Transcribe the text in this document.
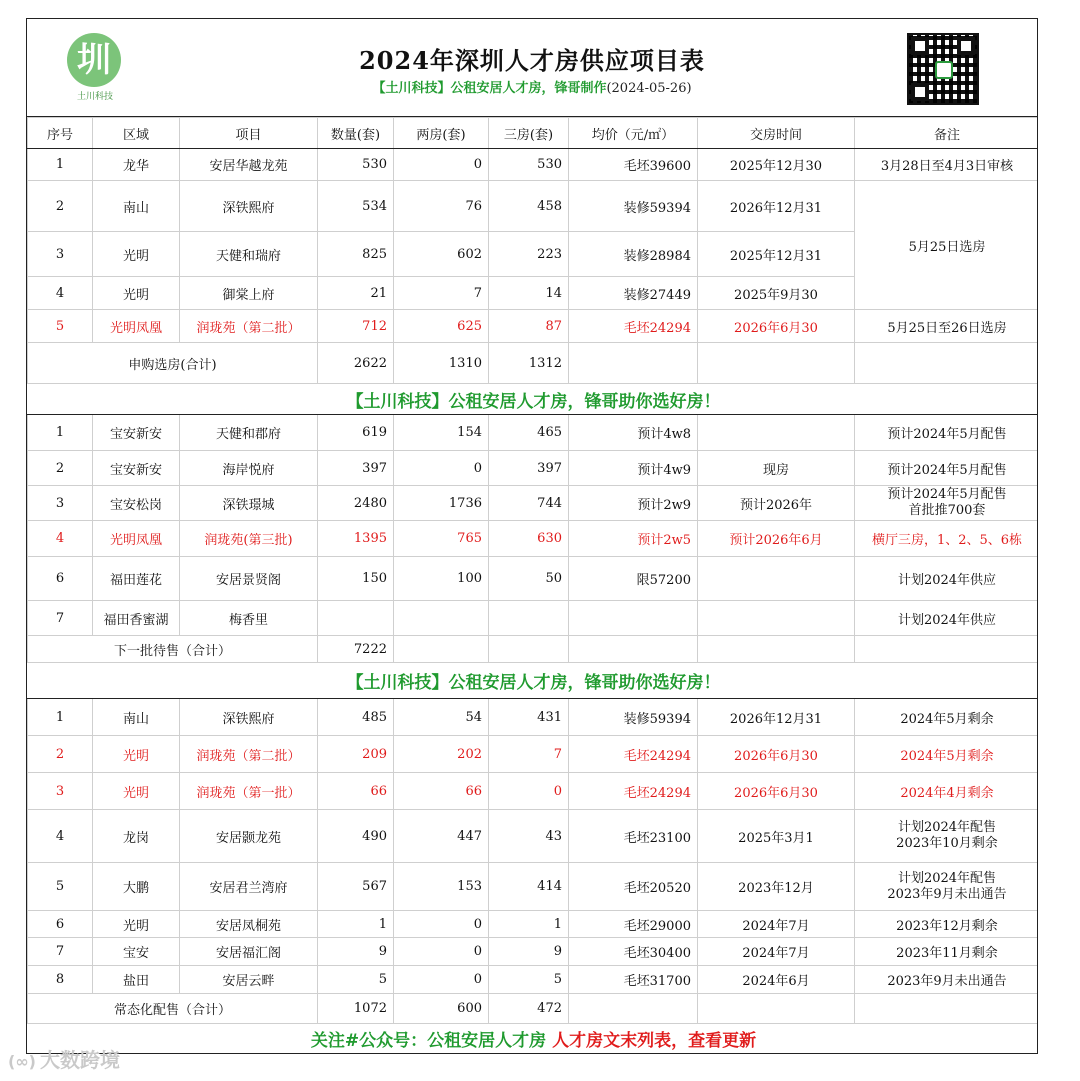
圳
土川科技
2024年深圳人才房供应项目表
【土川科技】公租安居人才房，锋哥制作(2024-05-26)
序号	区域	项目	数量(套)	两房(套)	三房(套)	均价（元/㎡）	交房时间	备注
1	龙华	安居华越龙苑	530	0	530	毛坯39600	2025年12月30	3月28日至4月3日审核
2	南山	深铁熙府	534	76	458	装修59394	2026年12月31	5月25日选房
3	光明	天健和瑞府	825	602	223	装修28984	2025年12月31	
4	光明	御棠上府	21	7	14	装修27449	2025年9月30	
5	光明凤凰	润珑苑（第二批）	712	625	87	毛坯24294	2026年6月30	5月25日至26日选房
申购选房(合计)			2622	1310	1312			
【土川科技】公租安居人才房，锋哥助你选好房！								
1	宝安新安	天健和郡府	619	154	465	预计4w8		预计2024年5月配售
2	宝安新安	海岸悦府	397	0	397	预计4w9	现房	预计2024年5月配售
3	宝安松岗	深铁璟城	2480	1736	744	预计2w9	预计2026年	预计2024年5月配售
首批推700套
4	光明凤凰	润珑苑(第三批)	1395	765	630	预计2w5	预计2026年6月	横厅三房，1、2、5、6栋
6	福田莲花	安居景贤阁	150	100	50	限57200		计划2024年供应
7	福田香蜜湖	梅香里						计划2024年供应
下一批待售（合计）			7222					
【土川科技】公租安居人才房，锋哥助你选好房！								
1	南山	深铁熙府	485	54	431	装修59394	2026年12月31	2024年5月剩余
2	光明	润珑苑（第二批）	209	202	7	毛坯24294	2026年6月30	2024年5月剩余
3	光明	润珑苑（第一批）	66	66	0	毛坯24294	2026年6月30	2024年4月剩余
4	龙岗	安居颢龙苑	490	447	43	毛坯23100	2025年3月1	计划2024年配售
2023年10月剩余
5	大鹏	安居君兰湾府	567	153	414	毛坯20520	2023年12月	计划2024年配售
2023年9月未出通告
6	光明	安居凤桐苑	1	0	1	毛坯29000	2024年7月	2023年12月剩余
7	宝安	安居福汇阁	9	0	9	毛坯30400	2024年7月	2023年11月剩余
8	盐田	安居云畔	5	0	5	毛坯31700	2024年6月	2023年9月未出通告
常态化配售（合计）			1072	600	472			
关注#公众号：公租安居人才房 人才房文末列表，查看更新								
(∞) 大数跨境
